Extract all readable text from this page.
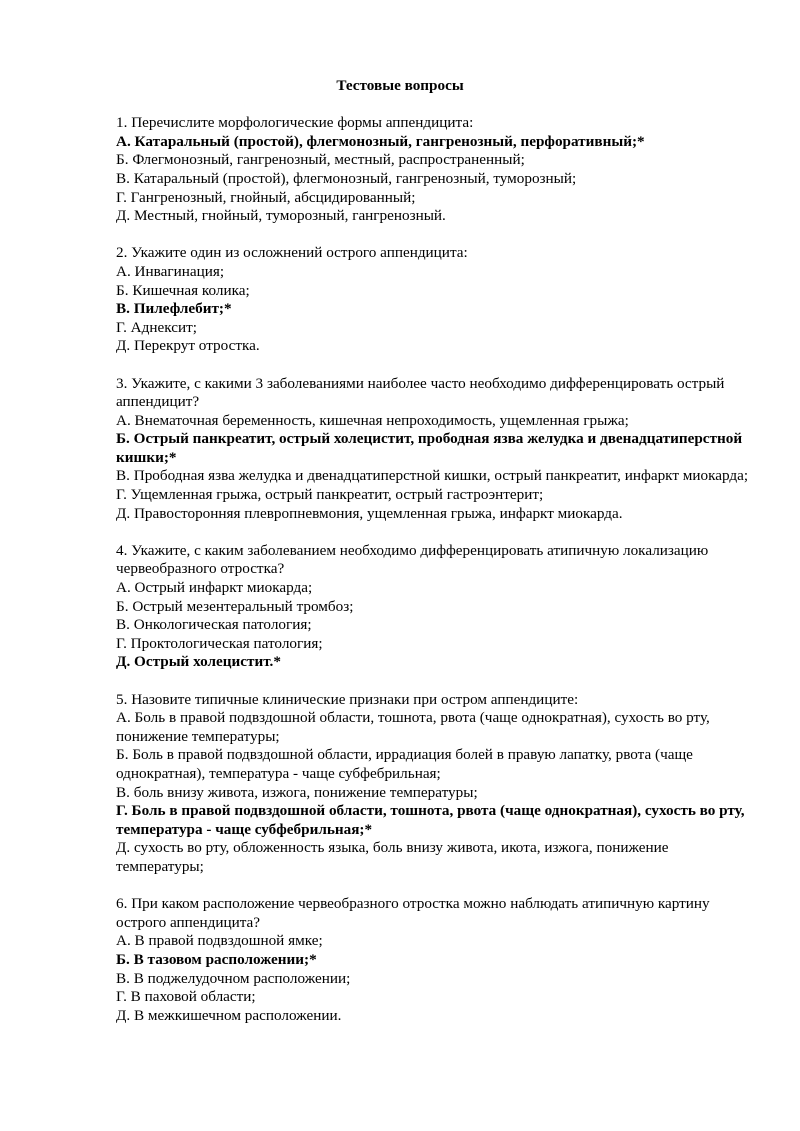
Тестовые вопросы
1. Перечислите морфологические формы аппендицита:
А. Катаральный (простой), флегмонозный, гангренозный, перфоративный;*
Б. Флегмонозный, гангренозный, местный, распространенный;
В. Катаральный (простой), флегмонозный, гангренозный, туморозный;
Г. Гангренозный, гнойный, абсцидированный;
Д. Местный, гнойный, туморозный, гангренозный.
2. Укажите один из осложнений острого аппендицита:
А. Инвагинация;
Б. Кишечная колика;
В. Пилефлебит;*
Г. Аднексит;
Д. Перекрут отростка.
3. Укажите, с какими 3 заболеваниями наиболее часто необходимо дифференцировать острый аппендицит?
А. Внематочная беременность, кишечная непроходимость, ущемленная грыжа;
Б. Острый панкреатит, острый холецистит, прободная язва желудка и двенадцатиперстной кишки;*
В. Прободная язва желудка и двенадцатиперстной кишки, острый панкреатит, инфаркт миокарда;
Г. Ущемленная грыжа, острый панкреатит, острый гастроэнтерит;
Д. Правосторонняя плевропневмония, ущемленная грыжа, инфаркт миокарда.
4. Укажите, с каким заболеванием необходимо дифференцировать атипичную локализацию червеобразного отростка?
А. Острый инфаркт миокарда;
Б. Острый мезентеральный тромбоз;
В. Онкологическая патология;
Г. Проктологическая патология;
Д. Острый холецистит.*
5. Назовите типичные клинические признаки при остром аппендиците:
А. Боль в правой подвздошной области, тошнота, рвота (чаще однократная), сухость во рту, понижение температуры;
Б. Боль в правой подвздошной области, иррадиация болей в правую лапатку, рвота (чаще однократная), температура - чаще субфебрильная;
В. боль внизу живота, изжога, понижение температуры;
Г. Боль в правой подвздошной области, тошнота, рвота (чаще однократная), сухость во рту, температура - чаще субфебрильная;*
Д. сухость во рту, обложенность языка, боль внизу живота, икота, изжога, понижение температуры;
6. При каком расположение червеобразного отростка можно наблюдать атипичную картину острого аппендицита?
А. В правой подвздошной ямке;
Б. В тазовом расположении;*
В. В поджелудочном расположении;
Г. В паховой области;
Д. В межкишечном расположении.
